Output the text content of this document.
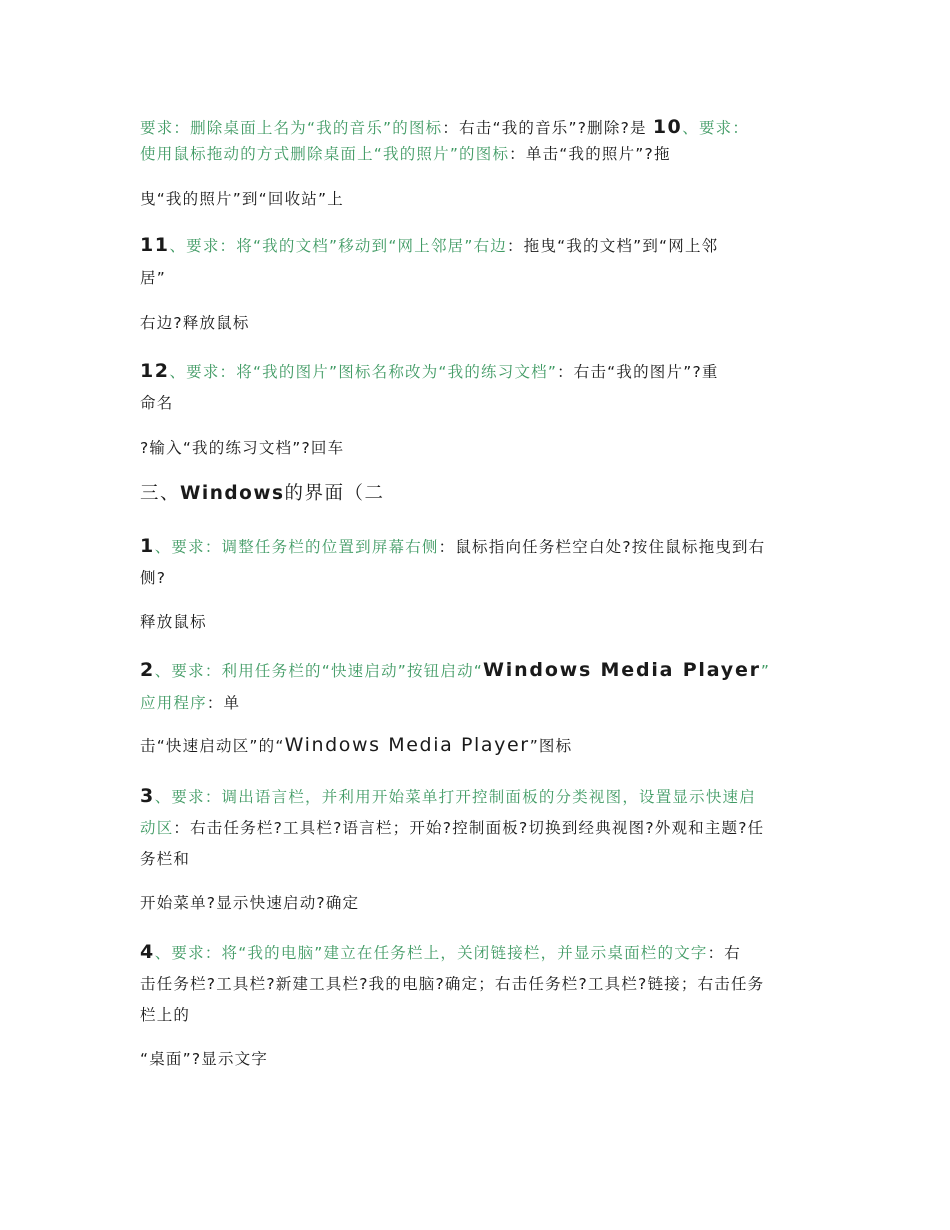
要求：删除桌面上名为“我的音乐”的图标：右击“我的音乐”?删除?是 10、要求：
使用鼠标拖动的方式删除桌面上“我的照片”的图标：单击“我的照片”?拖
曳“我的照片”到“回收站”上
11、要求：将“我的文档”移动到“网上邻居”右边：拖曳“我的文档”到“网上邻
居”
右边?释放鼠标
12、要求：将“我的图片”图标名称改为“我的练习文档”：右击“我的图片”?重
命名
?输入“我的练习文档”?回车
三、Windows的界面（二
1、要求：调整任务栏的位置到屏幕右侧：鼠标指向任务栏空白处?按住鼠标拖曳到右
侧?
释放鼠标
2、要求：利用任务栏的“快速启动”按钮启动“Windows Media Player”
应用程序：单
击“快速启动区”的“Windows Media Player”图标
3、要求：调出语言栏，并利用开始菜单打开控制面板的分类视图，设置显示快速启
动区：右击任务栏?工具栏?语言栏；开始?控制面板?切换到经典视图?外观和主题?任
务栏和
开始菜单?显示快速启动?确定
4、要求：将“我的电脑”建立在任务栏上，关闭链接栏，并显示桌面栏的文字：右
击任务栏?工具栏?新建工具栏?我的电脑?确定；右击任务栏?工具栏?链接；右击任务
栏上的
“桌面”?显示文字
